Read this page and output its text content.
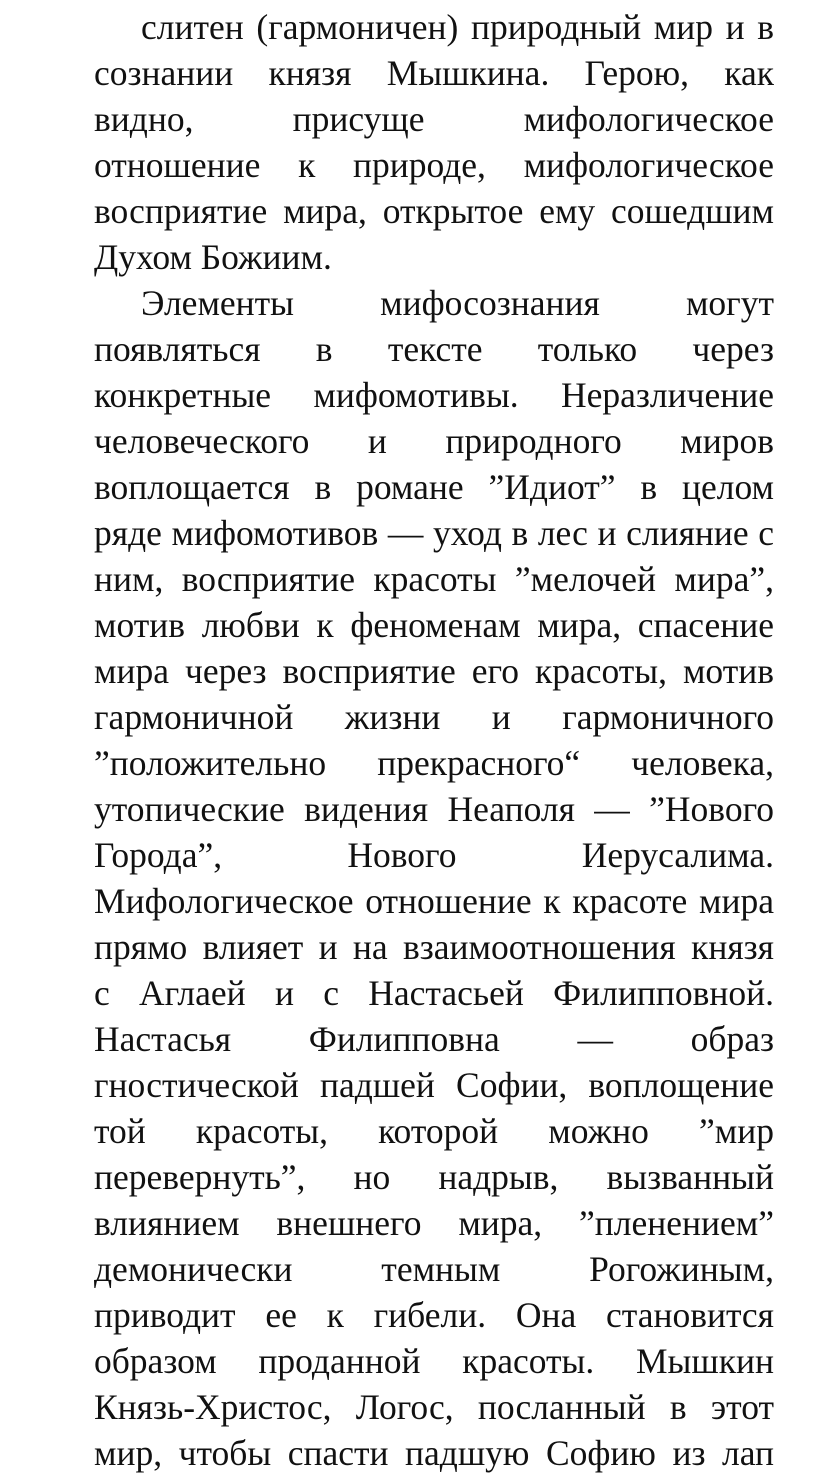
слитен (гармоничен) природный мир и в
сознании князя Мышкина. Герою, как
видно, присуще мифологическое
отношение к природе, мифологическое
восприятие мира, открытое ему сошедшим
Духом Божиим.
Элементы мифосознания могут
появляться в тексте только через
конкретные мифомотивы. Неразличение
человеческого и природного миров
воплощается в романе ”Идиот” в целом
ряде мифомотивов — уход в лес и слияние с
ним, восприятие красоты ”мелочей мира”,
мотив любви к феноменам мира, спасение
мира через восприятие его красоты, мотив
гармоничной жизни и гармоничного
”положительно прекрасного“ человека,
утопические видения Неаполя — ”Нового
Города”, Нового Иерусалима.
Мифологическое отношение к красоте мира
прямо влияет и на взаимоотношения князя
с Аглаей и с Настасьей Филипповной.
Настасья Филипповна — образ
гностической падшей Софии, воплощение
той красоты, которой можно ”мир
перевернуть”, но надрыв, вызванный
влиянием внешнего мира, ”пленением”
демонически темным Рогожиным,
приводит ее к гибели. Она становится
образом проданной красоты. Мышкин
Князь-Христос, Логос, посланный в этот
мир, чтобы спасти падшую Софию из лап
